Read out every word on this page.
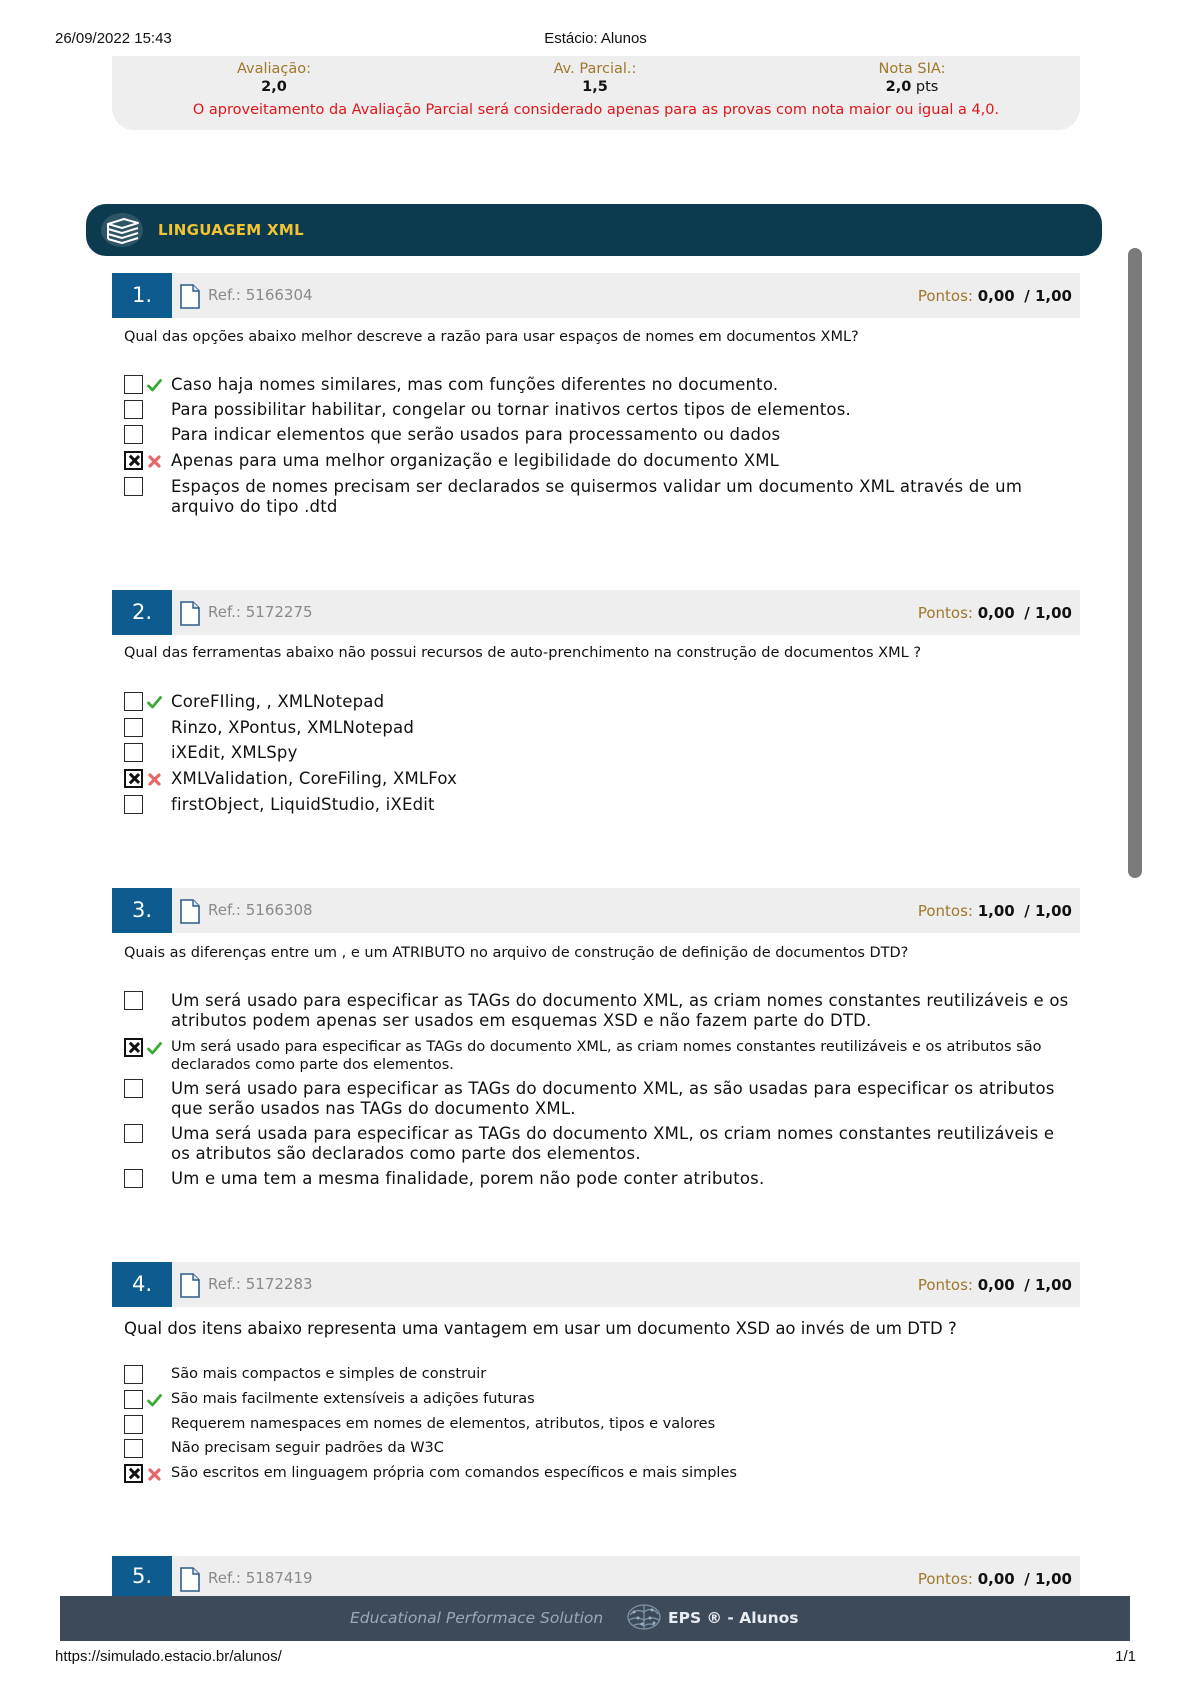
26/09/2022 15:43	Estácio: Alunos
Avaliação:
2,0
Av. Parcial.:
1,5
Nota SIA:
2,0 pts
O aproveitamento da Avaliação Parcial será considerado apenas para as provas com nota maior ou igual a 4,0.
LINGUAGEM XML
1.	Ref.: 5166304	Pontos: 0,00 / 1,00
Qual das opções abaixo melhor descreve a razão para usar espaços de nomes em documentos XML?
Caso haja nomes similares, mas com funções diferentes no documento.
Para possibilitar habilitar, congelar ou tornar inativos certos tipos de elementos.
Para indicar elementos que serão usados para processamento ou dados
Apenas para uma melhor organização e legibilidade do documento XML
Espaços de nomes precisam ser declarados se quisermos validar um documento XML através de um arquivo do tipo .dtd
2.	Ref.: 5172275	Pontos: 0,00 / 1,00
Qual das ferramentas abaixo não possui recursos de auto-prenchimento na construção de documentos XML ?
CoreFIling, , XMLNotepad
Rinzo, XPontus, XMLNotepad
iXEdit, XMLSpy
XMLValidation, CoreFiling, XMLFox
firstObject, LiquidStudio, iXEdit
3.	Ref.: 5166308	Pontos: 1,00 / 1,00
Quais as diferenças entre um , e um ATRIBUTO no arquivo de construção de definição de documentos DTD?
Um será usado para especificar as TAGs do documento XML, as criam nomes constantes reutilizáveis e os atributos podem apenas ser usados em esquemas XSD e não fazem parte do DTD.
Um será usado para especificar as TAGs do documento XML, as criam nomes constantes reutilizáveis e os atributos são declarados como parte dos elementos.
Um será usado para especificar as TAGs do documento XML, as são usadas para especificar os atributos que serão usados nas TAGs do documento XML.
Uma será usada para especificar as TAGs do documento XML, os criam nomes constantes reutilizáveis e os atributos são declarados como parte dos elementos.
Um e uma tem a mesma finalidade, porem não pode conter atributos.
4.	Ref.: 5172283	Pontos: 0,00 / 1,00
Qual dos itens abaixo representa uma vantagem em usar um documento XSD ao invés de um DTD ?
São mais compactos e simples de construir
São mais facilmente extensíveis a adições futuras
Requerem namespaces em nomes de elementos, atributos, tipos e valores
Não precisam seguir padrões da W3C
São escritos em linguagem própria com comandos específicos e mais simples
5.	Ref.: 5187419	Pontos: 0,00 / 1,00
Educational Performace Solution	EPS ® - Alunos
https://simulado.estacio.br/alunos/	1/1
